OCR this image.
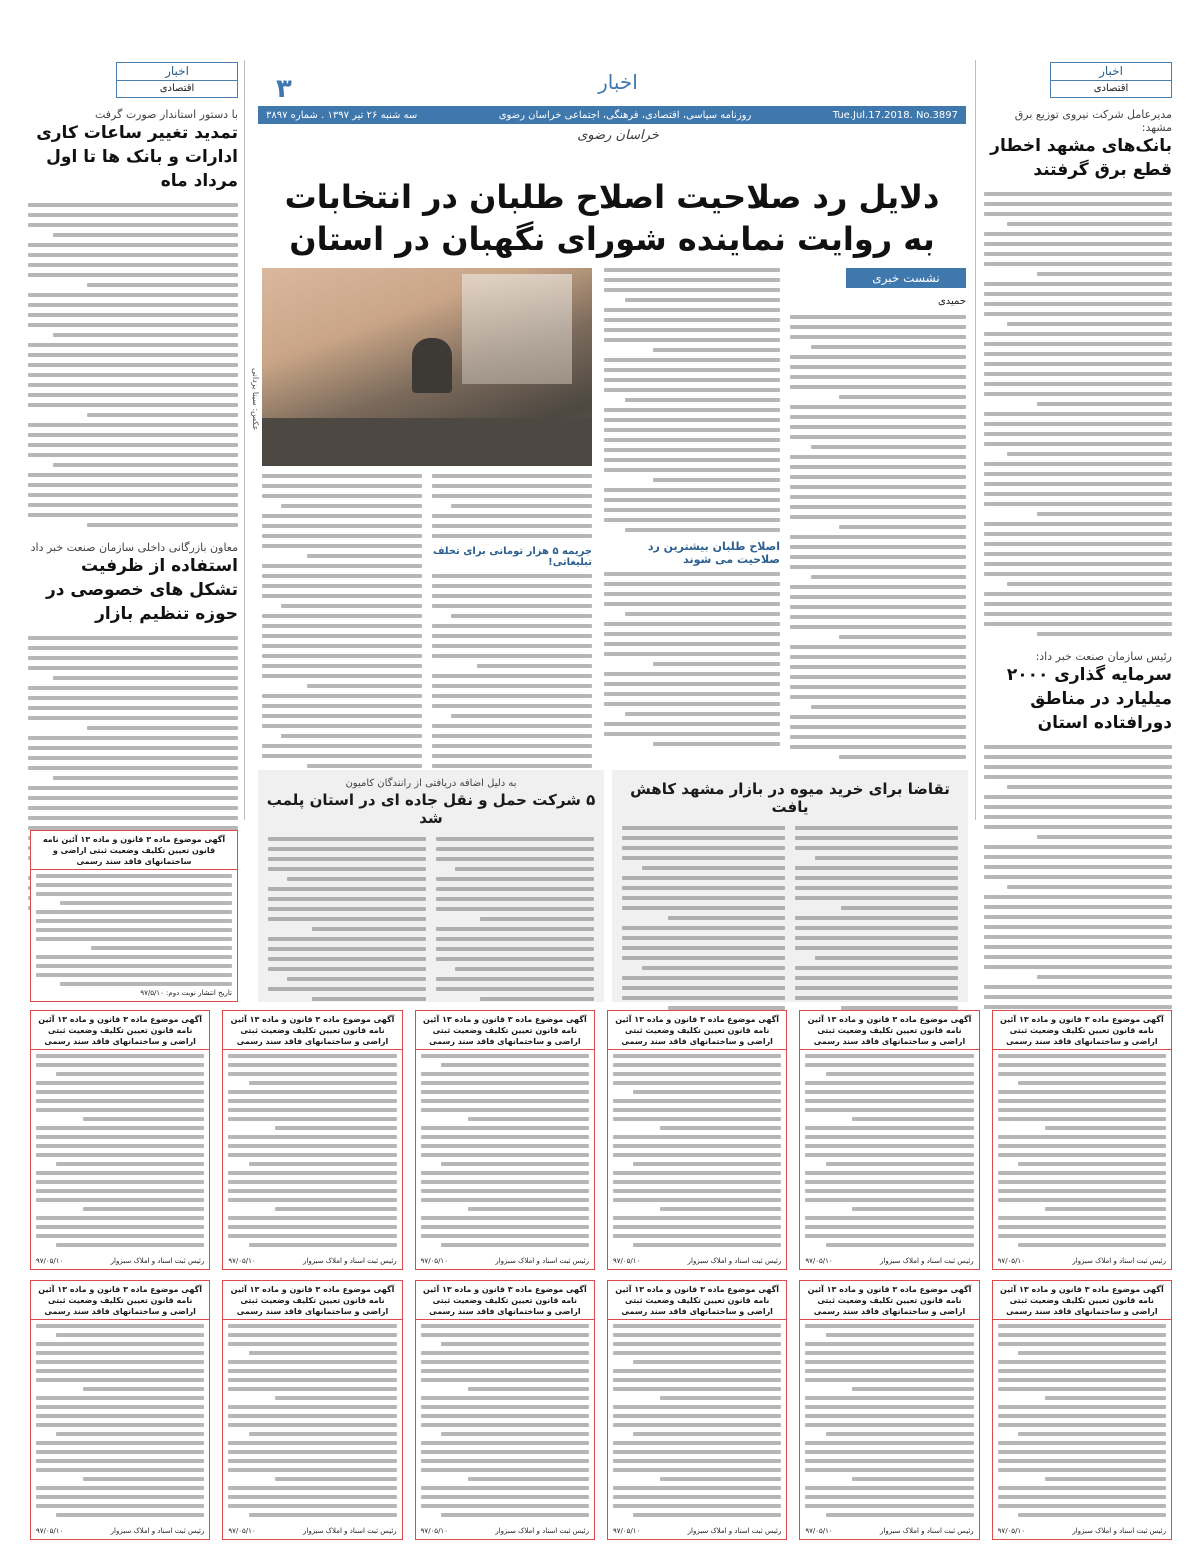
اخبار
اقتصادی
با دستور استاندار صورت گرفت
تمدید تغییر ساعات کاری ادارات و بانک ها تا اول مرداد ماه
معاون بازرگانی داخلی سازمان صنعت خبر داد
استفاده از ظرفیت تشکل های خصوصی در حوزه تنظیم بازار
اخبار
اقتصادی
مدیرعامل شرکت نیروی توزیع برق مشهد:
بانک‌های مشهد اخطار قطع برق گرفتند
رئیس سازمان صنعت خبر داد:
سرمایه گذاری ۲۰۰۰ میلیارد در مناطق دورافتاده استان
۳	اخبار
Tue.Jul.17.2018. No.3897
روزنامه سیاسی، اقتصادی، فرهنگی، اجتماعی خراسان رضوی
سه شنبه ۲۶ تیر ۱۳۹۷ . شماره ۳۸۹۷
خراسان رضوی
دلایل رد صلاحیت اصلاح طلبان در انتخابات
به روایت نماینده شورای نگهبان در استان
نشست خبری
حمیدی
اصلاح طلبان بیشترین رد صلاحیت می شوند
عکس: سینا یزدانی
جریمه ۵ هزار تومانی برای تخلف تبلیغاتی!
تقاضا برای خرید میوه در بازار مشهد کاهش یافت
به دلیل اضافه دریافتی از رانندگان کامیون
۵ شرکت حمل و نقل جاده ای در استان پلمب شد
آگهی موضوع ماده ۳ قانون و ماده ۱۳ آئین نامه قانون تعیین تکلیف وضعیت ثبتی اراضی و ساختمانهای فاقد سند رسمی
تاریخ انتشار نوبت دوم: ۹۷/۵/۱۰
آگهی موضوع ماده ۳ قانون و ماده ۱۳ آئین نامه قانون تعیین تکلیف وضعیت ثبتی اراضی و ساختمانهای فاقد سند رسمی
رئیس ثبت اسناد و املاک سبزوار
۹۷/۰۵/۱۰
آگهی موضوع ماده ۳ قانون و ماده ۱۳ آئین نامه قانون تعیین تکلیف وضعیت ثبتی اراضی و ساختمانهای فاقد سند رسمی
رئیس ثبت اسناد و املاک سبزوار
۹۷/۰۵/۱۰
آگهی موضوع ماده ۳ قانون و ماده ۱۳ آئین نامه قانون تعیین تکلیف وضعیت ثبتی اراضی و ساختمانهای فاقد سند رسمی
رئیس ثبت اسناد و املاک سبزوار
۹۷/۰۵/۱۰
آگهی موضوع ماده ۳ قانون و ماده ۱۳ آئین نامه قانون تعیین تکلیف وضعیت ثبتی اراضی و ساختمانهای فاقد سند رسمی
رئیس ثبت اسناد و املاک سبزوار
۹۷/۰۵/۱۰
آگهی موضوع ماده ۳ قانون و ماده ۱۳ آئین نامه قانون تعیین تکلیف وضعیت ثبتی اراضی و ساختمانهای فاقد سند رسمی
رئیس ثبت اسناد و املاک سبزوار
۹۷/۰۵/۱۰
آگهی موضوع ماده ۳ قانون و ماده ۱۳ آئین نامه قانون تعیین تکلیف وضعیت ثبتی اراضی و ساختمانهای فاقد سند رسمی
رئیس ثبت اسناد و املاک سبزوار
۹۷/۰۵/۱۰
آگهی موضوع ماده ۳ قانون و ماده ۱۳ آئین نامه قانون تعیین تکلیف وضعیت ثبتی اراضی و ساختمانهای فاقد سند رسمی
رئیس ثبت اسناد و املاک سبزوار
۹۷/۰۵/۱۰
آگهی موضوع ماده ۳ قانون و ماده ۱۳ آئین نامه قانون تعیین تکلیف وضعیت ثبتی اراضی و ساختمانهای فاقد سند رسمی
رئیس ثبت اسناد و املاک سبزوار
۹۷/۰۵/۱۰
آگهی موضوع ماده ۳ قانون و ماده ۱۳ آئین نامه قانون تعیین تکلیف وضعیت ثبتی اراضی و ساختمانهای فاقد سند رسمی
رئیس ثبت اسناد و املاک سبزوار
۹۷/۰۵/۱۰
آگهی موضوع ماده ۳ قانون و ماده ۱۳ آئین نامه قانون تعیین تکلیف وضعیت ثبتی اراضی و ساختمانهای فاقد سند رسمی
رئیس ثبت اسناد و املاک سبزوار
۹۷/۰۵/۱۰
آگهی موضوع ماده ۳ قانون و ماده ۱۳ آئین نامه قانون تعیین تکلیف وضعیت ثبتی اراضی و ساختمانهای فاقد سند رسمی
رئیس ثبت اسناد و املاک سبزوار
۹۷/۰۵/۱۰
آگهی موضوع ماده ۳ قانون و ماده ۱۳ آئین نامه قانون تعیین تکلیف وضعیت ثبتی اراضی و ساختمانهای فاقد سند رسمی
رئیس ثبت اسناد و املاک سبزوار
۹۷/۰۵/۱۰
